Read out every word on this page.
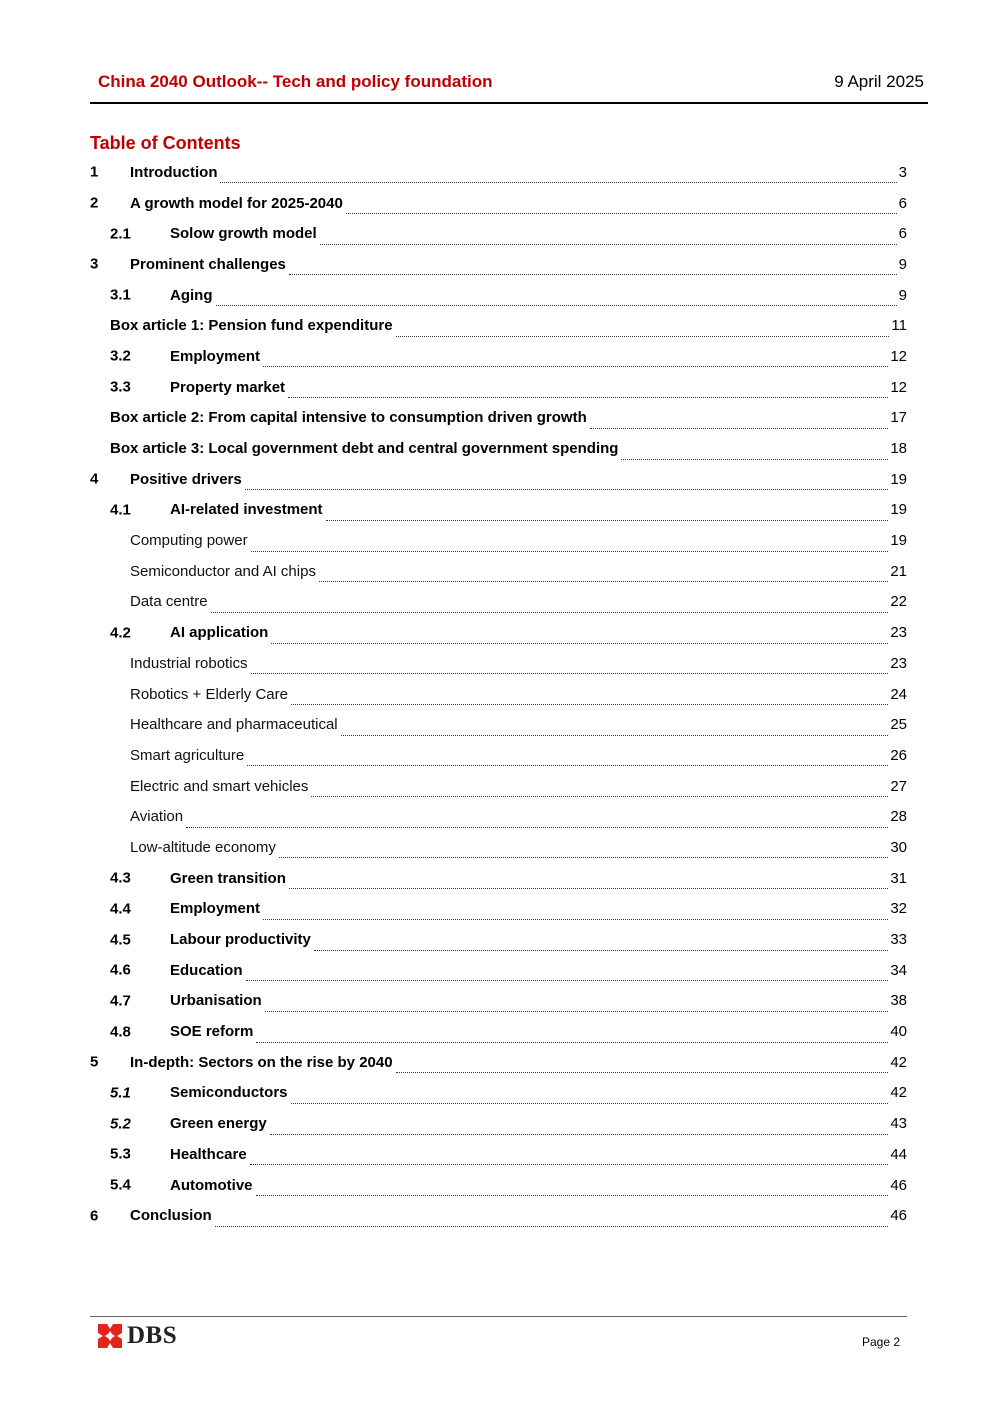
China 2040 Outlook-- Tech and policy foundation	9 April 2025
Table of Contents
1 Introduction	3
2 A growth model for 2025-2040	6
2.1	Solow growth model	6
3 Prominent challenges	9
3.1	Aging	9
Box article 1: Pension fund expenditure	11
3.2	Employment	12
3.3	Property market	12
Box article 2: From capital intensive to consumption driven growth	17
Box article 3: Local government debt and central government spending	18
4 Positive drivers	19
4.1	AI-related investment	19
Computing power	19
Semiconductor and AI chips	21
Data centre	22
4.2	AI application	23
Industrial robotics	23
Robotics + Elderly Care	24
Healthcare and pharmaceutical	25
Smart agriculture	26
Electric and smart vehicles	27
Aviation	28
Low-altitude economy	30
4.3	Green transition	31
4.4	Employment	32
4.5	Labour productivity	33
4.6	Education	34
4.7	Urbanisation	38
4.8	SOE reform	40
5 In-depth: Sectors on the rise by 2040	42
5.1	Semiconductors	42
5.2	Green energy	43
5.3	Healthcare	44
5.4	Automotive	46
6 Conclusion	46
DBS	Page 2
